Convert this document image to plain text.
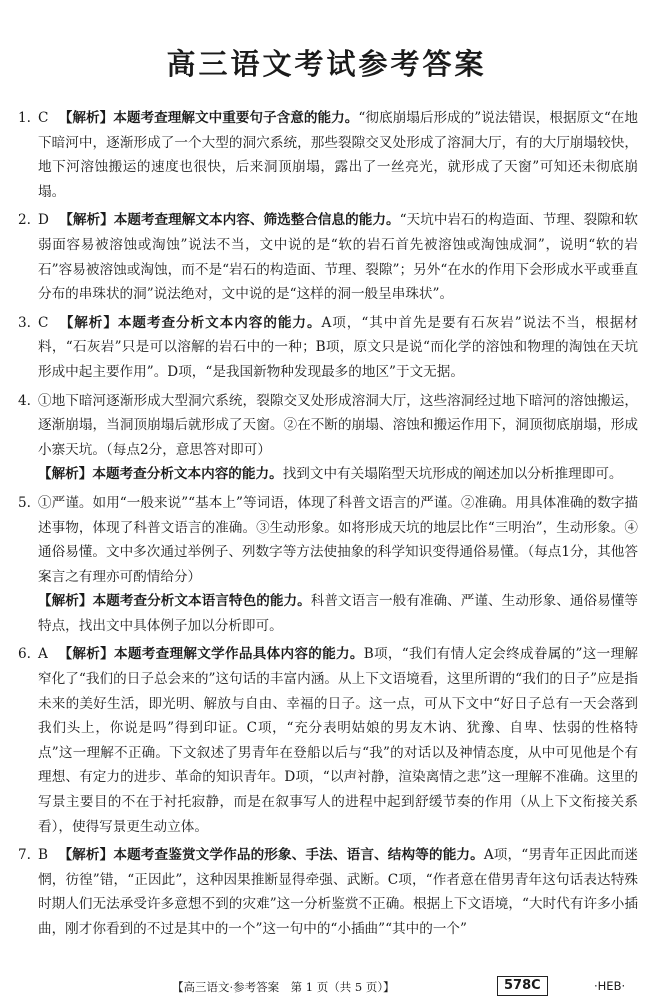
高三语文考试参考答案
1. C 【解析】本题考查理解文中重要句子含意的能力。“彻底崩塌后形成的”说法错误，根据原文“在地下暗河中，逐渐形成了一个大型的洞穴系统，那些裂隙交叉处形成了溶洞大厅，有的大厅崩塌较快，地下河溶蚀搬运的速度也很快，后来洞顶崩塌，露出了一丝亮光，就形成了天窗”可知还未彻底崩塌。
2. D 【解析】本题考查理解文本内容、筛选整合信息的能力。“天坑中岩石的构造面、节理、裂隙和软弱面容易被溶蚀或淘蚀”说法不当，文中说的是“软的岩石首先被溶蚀或淘蚀成洞”，说明“软的岩石”容易被溶蚀或淘蚀，而不是“岩石的构造面、节理、裂隙”；另外“在水的作用下会形成水平或垂直分布的串珠状的洞”说法绝对，文中说的是“这样的洞一般呈串珠状”。
3. C 【解析】本题考查分析文本内容的能力。A项，“其中首先是要有石灰岩”说法不当，根据材料，“石灰岩”只是可以溶解的岩石中的一种；B项，原文只是说“而化学的溶蚀和物理的淘蚀在天坑形成中起主要作用”。D项，“是我国新物种发现最多的地区”于文无据。
4. ①地下暗河逐渐形成大型洞穴系统，裂隙交叉处形成溶洞大厅，这些溶洞经过地下暗河的溶蚀搬运，逐渐崩塌，当洞顶崩塌后就形成了天窗。②在不断的崩塌、溶蚀和搬运作用下，洞顶彻底崩塌，形成小寨天坑。（每点2分，意思答对即可）
【解析】本题考查分析文本内容的能力。找到文中有关塌陷型天坑形成的阐述加以分析推理即可。
5. ①严谨。如用“一般来说”“基本上”等词语，体现了科普文语言的严谨。②准确。用具体准确的数字描述事物，体现了科普文语言的准确。③生动形象。如将形成天坑的地层比作“三明治”，生动形象。④通俗易懂。文中多次通过举例子、列数字等方法使抽象的科学知识变得通俗易懂。（每点1分，其他答案言之有理亦可酌情给分）
【解析】本题考查分析文本语言特色的能力。科普文语言一般有准确、严谨、生动形象、通俗易懂等特点，找出文中具体例子加以分析即可。
6. A 【解析】本题考查理解文学作品具体内容的能力。B项，“我们有情人定会终成眷属的”这一理解窄化了“我们的日子总会来的”这句话的丰富内涵。从上下文语境看，这里所谓的“我们的日子”应是指未来的美好生活，即光明、解放与自由、幸福的日子。这一点，可从下文中“好日子总有一天会落到我们头上，你说是吗”得到印证。C项，“充分表明姑娘的男友木讷、犹豫、自卑、怯弱的性格特点”这一理解不正确。下文叙述了男青年在登船以后与“我”的对话以及神情态度，从中可见他是个有理想、有定力的进步、革命的知识青年。D项，“以声衬静，渲染离情之悲”这一理解不准确。这里的写景主要目的不在于衬托寂静，而是在叙事写人的进程中起到舒缓节奏的作用（从上下文衔接关系看），使得写景更生动立体。
7. B 【解析】本题考查鉴赏文学作品的形象、手法、语言、结构等的能力。A项，“男青年正因此而迷惘，彷徨”错，“正因此”，这种因果推断显得牵强、武断。C项，“作者意在借男青年这句话表达特殊时期人们无法承受许多意想不到的灾难”这一分析鉴赏不正确。根据上下文语境，“大时代有许多小插曲，刚才你看到的不过是其中的一个”这一句中的“小插曲”“其中的一个”
【高三语文·参考答案　第 1 页（共 5 页）】	578C	·HEB·
